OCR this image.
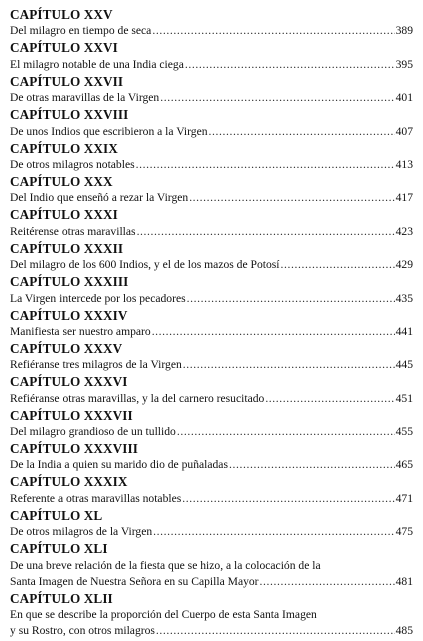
CAPÍTULO XXV
Del milagro en tiempo de seca .....	389
CAPÍTULO XXVI
El milagro notable de una India ciega .....	395
CAPÍTULO XXVII
De otras maravillas de la Virgen .....	401
CAPÍTULO XXVIII
De unos Indios que escribieron a la Virgen .....	407
CAPÍTULO XXIX
De otros milagros notables .....	413
CAPÍTULO XXX
Del Indio que enseñó a rezar la Virgen .....	417
CAPÍTULO XXXI
Reitérense otras maravillas .....	423
CAPÍTULO XXXII
Del milagro de los 600 Indios, y el de los mazos de Potosí .....	429
CAPÍTULO XXXIII
La Virgen intercede por los pecadores .....	435
CAPÍTULO XXXIV
Manifiesta ser nuestro amparo .....	441
CAPÍTULO XXXV
Refiéranse tres milagros de la Virgen .....	445
CAPÍTULO XXXVI
Refiéranse otras maravillas, y la del carnero resucitado .....	451
CAPÍTULO XXXVII
Del milagro grandioso de un tullido .....	455
CAPÍTULO XXXVIII
De la India a quien su marido dio de puñaladas .....	465
CAPÍTULO XXXIX
Referente a otras maravillas notables .....	471
CAPÍTULO XL
De otros milagros de la Virgen .....	475
CAPÍTULO XLI
De una breve relación de la fiesta que se hizo, a la colocación de la
Santa Imagen de Nuestra Señora en su Capilla Mayor .....	481
CAPÍTULO XLII
En que se describe la proporción del Cuerpo de esta Santa Imagen
y su Rostro, con otros milagros .....	485
